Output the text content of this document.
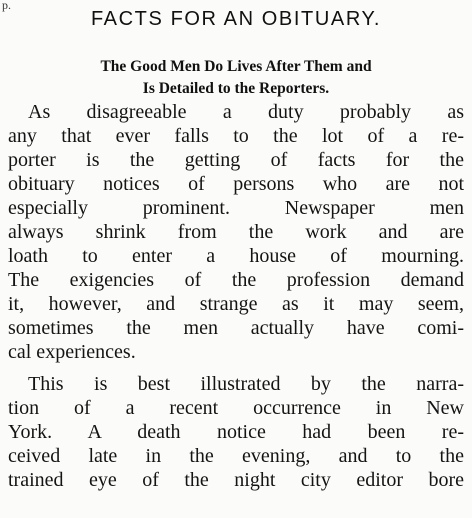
p.
FACTS FOR AN OBITUARY.
The Good Men Do Lives After Them and
Is Detailed to the Reporters.
As disagreeable a duty probably as
any that ever falls to the lot of a re-
porter is the getting of facts for the
obituary notices of persons who are not
especially prominent. Newspaper men
always shrink from the work and are
loath to enter a house of mourning.
The exigencies of the profession demand
it, however, and strange as it may seem,
sometimes the men actually have comi-
cal experiences.
This is best illustrated by the narra-
tion of a recent occurrence in New
York. A death notice had been re-
ceived late in the evening, and to the
trained eye of the night city editor bore
